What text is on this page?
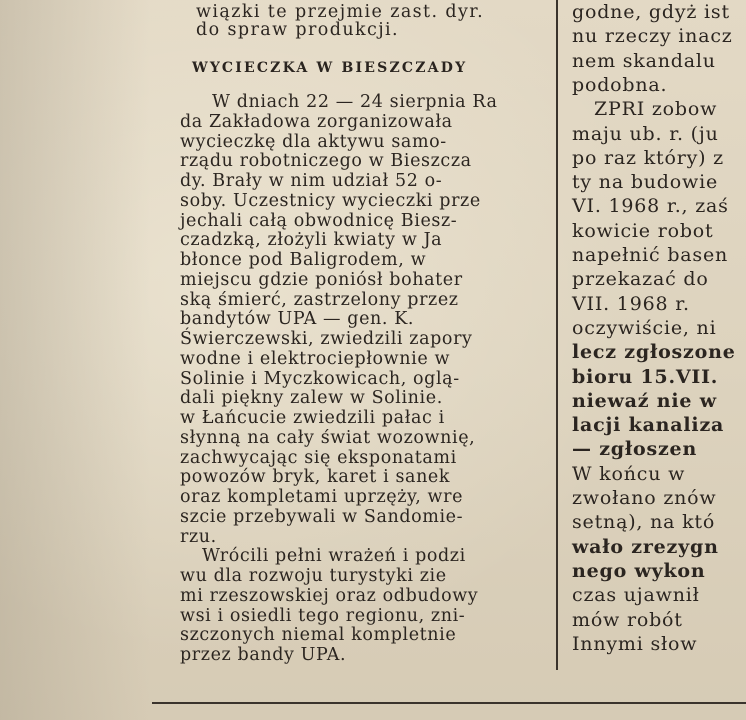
wiązki te przejmie zast. dyr.
do spraw produkcji.
WYCIECZKA W BIESZCZADY
W dniach 22 — 24 sierpnia Ra
da Zakładowa zorganizowała
wycieczkę dla aktywu samo-
rządu robotniczego w Bieszcza
dy. Brały w nim udział 52 o-
soby. Uczestnicy wycieczki prze
jechali całą obwodnicę Biesz-
czadzką, złożyli kwiaty w Ja
błonce pod Baligrodem, w
miejscu gdzie poniósł bohater
ską śmierć, zastrzelony przez
bandytów UPA — gen. K.
Świerczewski, zwiedzili zapory
wodne i elektrociepłownie w
Solinie i Myczkowicach, oglą-
dali piękny zalew w Solinie.
w Łańcucie zwiedzili pałac i
słynną na cały świat wozownię,
zachwycając się eksponatami
powozów bryk, karet i sanek
oraz kompletami uprzęży, wre
szcie przebywali w Sandomie-
rzu.
Wrócili pełni wrażeń i podzi
wu dla rozwoju turystyki zie
mi rzeszowskiej oraz odbudowy
wsi i osiedli tego regionu, zni-
szczonych niemal kompletnie
przez bandy UPA.
godne, gdyż ist
nu rzeczy inacz
nem skandalu
podobna.
ZPRI zobow
maju ub. r. (ju
po raz który) z
ty na budowie
VI. 1968 r., zaś
kowicie robot
napełnić basen
przekazać do
VII. 1968 r.
oczywiście, ni
lecz zgłoszone
bioru 15.VII.
niewaź nie w
lacji kanaliza
— zgłoszen
W końcu w
zwołano znów
setną), na któ
wało zrezygn
nego wykon
czas ujawnił
mów robót
Innymi słow
